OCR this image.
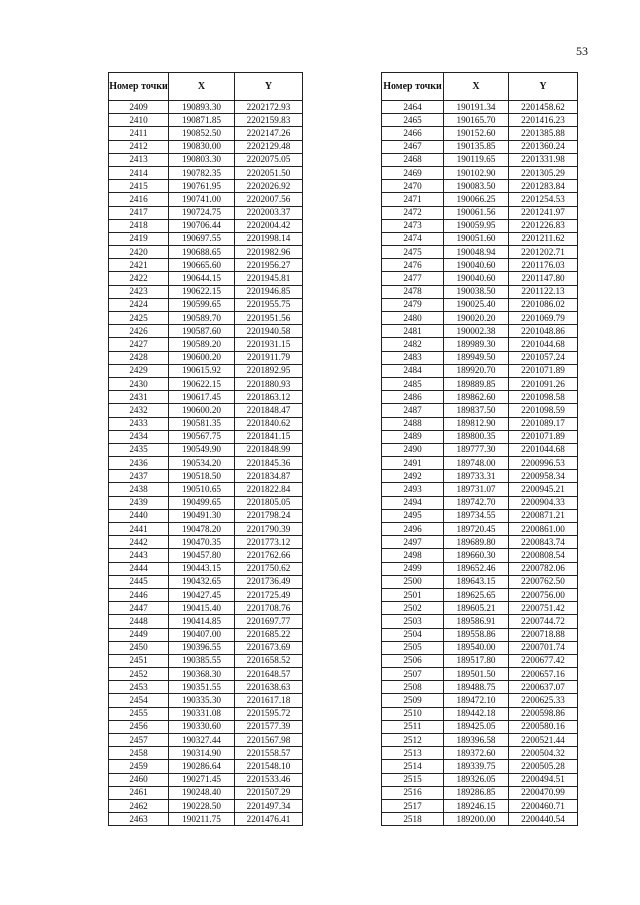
53
Номер точки	X	Y
2409	190893.30	2202172.93
2410	190871.85	2202159.83
2411	190852.50	2202147.26
2412	190830.00	2202129.48
2413	190803.30	2202075.05
2414	190782.35	2202051.50
2415	190761.95	2202026.92
2416	190741.00	2202007.56
2417	190724.75	2202003.37
2418	190706.44	2202004.42
2419	190697.55	2201998.14
2420	190688.65	2201982.96
2421	190665.60	2201956.27
2422	190644.15	2201945.81
2423	190622.15	2201946.85
2424	190599.65	2201955.75
2425	190589.70	2201951.56
2426	190587.60	2201940.58
2427	190589.20	2201931.15
2428	190600.20	2201911.79
2429	190615.92	2201892.95
2430	190622.15	2201880.93
2431	190617.45	2201863.12
2432	190600.20	2201848.47
2433	190581.35	2201840.62
2434	190567.75	2201841.15
2435	190549.90	2201848.99
2436	190534.20	2201845.36
2437	190518.50	2201834.87
2438	190510.65	2201822.84
2439	190499.65	2201805.05
2440	190491.30	2201798.24
2441	190478.20	2201790.39
2442	190470.35	2201773.12
2443	190457.80	2201762.66
2444	190443.15	2201750.62
2445	190432.65	2201736.49
2446	190427.45	2201725.49
2447	190415.40	2201708.76
2448	190414.85	2201697.77
2449	190407.00	2201685.22
2450	190396.55	2201673.69
2451	190385.55	2201658.52
2452	190368.30	2201648.57
2453	190351.55	2201638.63
2454	190335.30	2201617.18
2455	190331.08	2201595.72
2456	190330.60	2201577.39
2457	190327.44	2201567.98
2458	190314.90	2201558.57
2459	190286.64	2201548.10
2460	190271.45	2201533.46
2461	190248.40	2201507.29
2462	190228.50	2201497.34
2463	190211.75	2201476.41
Номер точки	X	Y
2464	190191.34	2201458.62
2465	190165.70	2201416.23
2466	190152.60	2201385.88
2467	190135.85	2201360.24
2468	190119.65	2201331.98
2469	190102.90	2201305.29
2470	190083.50	2201283.84
2471	190066.25	2201254.53
2472	190061.56	2201241.97
2473	190059.95	2201226.83
2474	190051.60	2201211.62
2475	190048.94	2201202.71
2476	190040.60	2201176.03
2477	190040.60	2201147.80
2478	190038.50	2201122.13
2479	190025.40	2201086.02
2480	190020.20	2201069.79
2481	190002.38	2201048.86
2482	189989.30	2201044.68
2483	189949.50	2201057.24
2484	189920.70	2201071.89
2485	189889.85	2201091.26
2486	189862.60	2201098.58
2487	189837.50	2201098.59
2488	189812.90	2201089.17
2489	189800.35	2201071.89
2490	189777.30	2201044.68
2491	189748.00	2200996.53
2492	189733.31	2200958.34
2493	189731.07	2200945.21
2494	189742.70	2200904.33
2495	189734.55	2200871.21
2496	189720.45	2200861.00
2497	189689.80	2200843.74
2498	189660.30	2200808.54
2499	189652.46	2200782.06
2500	189643.15	2200762.50
2501	189625.65	2200756.00
2502	189605.21	2200751.42
2503	189586.91	2200744.72
2504	189558.86	2200718.88
2505	189540.00	2200701.74
2506	189517.80	2200677.42
2507	189501.50	2200657.16
2508	189488.75	2200637.07
2509	189472.10	2200625.33
2510	189442.18	2200598.86
2511	189425.05	2200580.16
2512	189396.58	2200521.44
2513	189372.60	2200504.32
2514	189339.75	2200505.28
2515	189326.05	2200494.51
2516	189286.85	2200470.99
2517	189246.15	2200460.71
2518	189200.00	2200440.54
